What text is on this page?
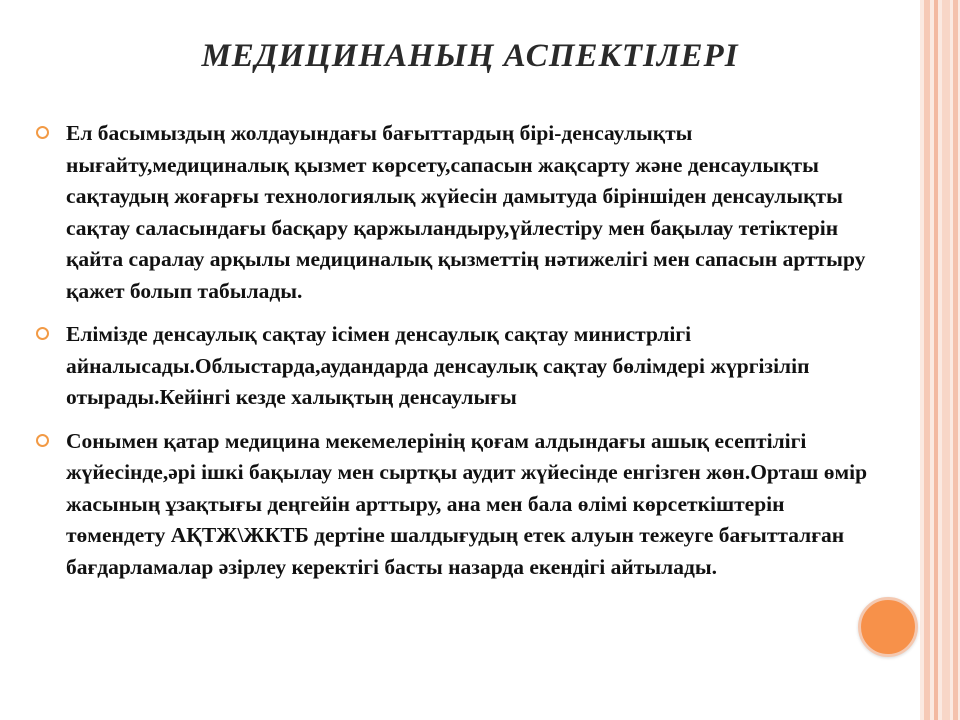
МЕДИЦИНАНЫҢ АСПЕКТІЛЕРІ

Ел басымыздың жолдауындағы бағыттардың бірі-денсаулықты нығайту,медициналық қызмет көрсету,сапасын жақсарту және денсаулықты сақтаудың жоғарғы технологиялық жүйесін дамытуда біріншіден денсаулықты сақтау саласындағы басқару қаржыландыру,үйлестіру мен бақылау тетіктерін қайта саралау арқылы медициналық қызметтің нәтижелігі мен сапасын арттыру қажет болып табылады.

Елімізде денсаулық сақтау ісімен денсаулық сақтау министрлігі айналысады.Облыстарда,аудандарда денсаулық сақтау бөлімдері жүргізіліп отырады.Кейінгі кезде халықтың денсаулығы

Сонымен қатар медицина мекемелерінің қоғам алдындағы ашық есептілігі жүйесінде,әрі ішкі бақылау мен сыртқы аудит жүйесінде енгізген жөн.Орташ өмір жасының ұзақтығы деңгейін арттыру, ана мен бала өлімі көрсеткіштерін төмендету АҚТЖ\ЖКТБ дертіне шалдығудың етек алуын тежеуге бағытталған бағдарламалар әзірлеу керектігі басты назарда екендігі айтылады.
